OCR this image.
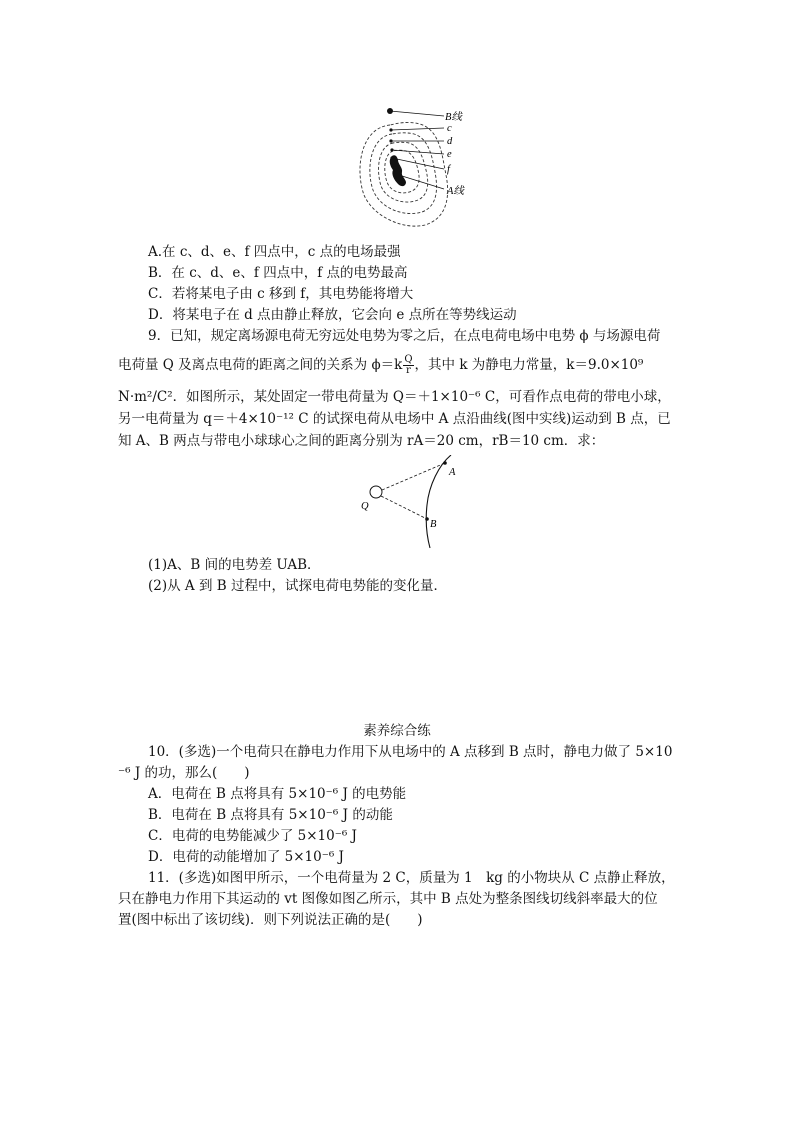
B线
c
d
e
f
A线
A.在 c、d、e、f 四点中，c 点的电场最强
B．在 c、d、e、f 四点中，f 点的电势最高
C．若将某电子由 c 移到 f，其电势能将增大
D．将某电子在 d 点由静止释放，它会向 e 点所在等势线运动
9．已知，规定离场源电荷无穷远处电势为零之后，在点电荷电场中电势 ϕ 与场源电荷
电荷量 Q 及离点电荷的距离之间的关系为 $\phi=k \frac{Q}{r}$ ，其中 k 为静电力常量，k＝9.0×10⁹
N·m²/C²．如图所示，某处固定一带电荷量为 Q＝＋1×10⁻⁶ C，可看作点电荷的带电小球，
另一电荷量为 q＝＋4×10⁻¹² C 的试探电荷从电场中 A 点沿曲线(图中实线)运动到 B 点，已
知 A、B 两点与带电小球球心之间的距离分别为 rA＝20 cm，rB＝10 cm．求：
Q
A
B
(1)A、B 间的电势差 UAB．
(2)从 A 到 B 过程中，试探电荷电势能的变化量．
素养综合练
10．(多选)一个电荷只在静电力作用下从电场中的 A 点移到 B 点时，静电力做了 5×10
⁻⁶ J 的功，那么(　　)
A．电荷在 B 点将具有 5×10⁻⁶ J 的电势能
B．电荷在 B 点将具有 5×10⁻⁶ J 的动能
C．电荷的电势能减少了 5×10⁻⁶ J
D．电荷的动能增加了 5×10⁻⁶ J
11．(多选)如图甲所示，一个电荷量为 2 C，质量为 1　kg 的小物块从 C 点静止释放，
只在静电力作用下其运动的 vt 图像如图乙所示，其中 B 点处为整条图线切线斜率最大的位
置(图中标出了该切线)．则下列说法正确的是(　　)
